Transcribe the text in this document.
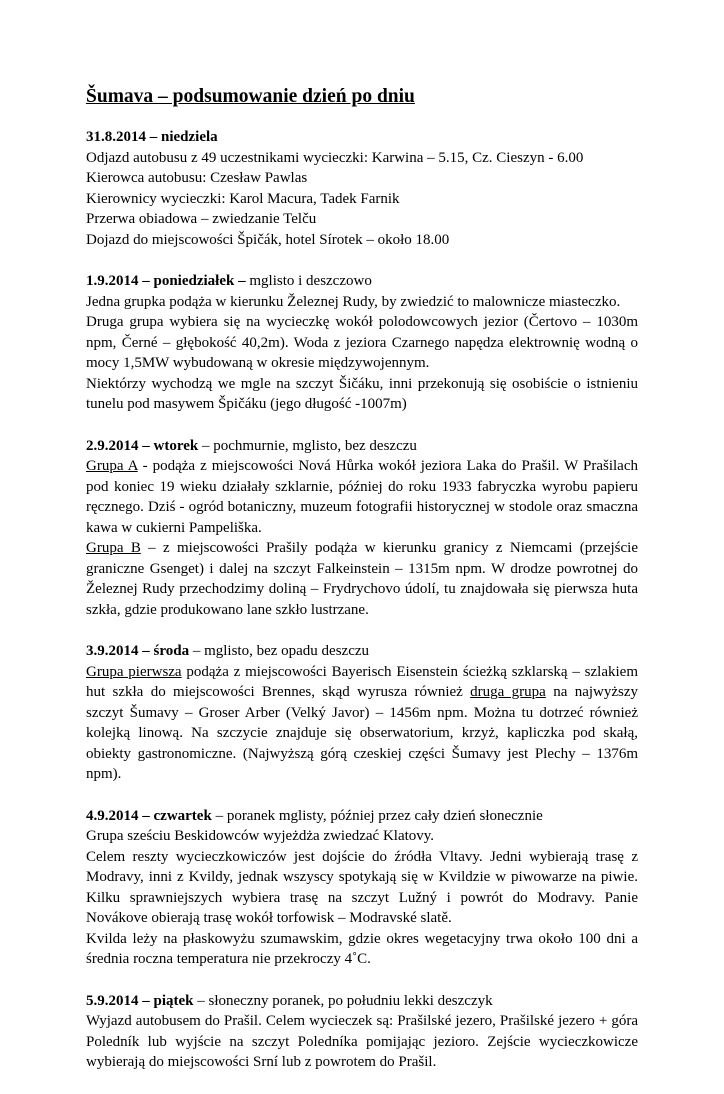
Šumava – podsumowanie dzień po dniu
31.8.2014 – niedziela
Odjazd autobusu z 49 uczestnikami wycieczki: Karwina – 5.15, Cz. Cieszyn - 6.00
Kierowca autobusu: Czesław Pawlas
Kierownicy wycieczki: Karol Macura, Tadek Farnik
Przerwa obiadowa – zwiedzanie Telču
Dojazd do miejscowości Špičák, hotel Sírotek – około 18.00
1.9.2014 – poniedziałek – mglisto i deszczowo
Jedna grupka podąża w kierunku Železnej Rudy, by zwiedzić to malownicze miasteczko.
Druga grupa wybiera się na wycieczkę wokół polodowcowych jezior (Čertovo – 1030m npm, Černé – głębokość 40,2m). Woda z jeziora Czarnego napędza elektrownię wodną o mocy 1,5MW wybudowaną w okresie międzywojennym.
Niektórzy wychodzą we mgle na szczyt Šičáku, inni przekonują się osobiście o istnieniu tunelu pod masywem Špičáku (jego długość -1007m)
2.9.2014 – wtorek – pochmurnie, mglisto, bez deszczu
Grupa A - podąża z miejscowości Nová Hůrka wokół jeziora Laka do Prašil. W Prašilach pod koniec 19 wieku działały szklarnie, później do roku 1933 fabryczka wyrobu papieru ręcznego. Dziś - ogród botaniczny, muzeum fotografii historycznej w stodole oraz smaczna kawa w cukierni Pampeliška.
Grupa B – z miejscowości Prašily podąża w kierunku granicy z Niemcami (przejście graniczne Gsenget) i dalej na szczyt Falkeinstein – 1315m npm. W drodze powrotnej do Železnej Rudy przechodzimy doliną – Frydrychovo údolí, tu znajdowała się pierwsza huta szkła, gdzie produkowano lane szkło lustrzane.
3.9.2014 – środa – mglisto, bez opadu deszczu
Grupa pierwsza podąża z miejscowości Bayerisch Eisenstein ścieżką szklarską – szlakiem hut szkła do miejscowości Brennes, skąd wyrusza również druga grupa na najwyższy szczyt Šumavy – Groser Arber (Velký Javor) – 1456m npm. Można tu dotrzeć również kolejką linową. Na szczycie znajduje się obserwatorium, krzyż, kapliczka pod skałą, obiekty gastronomiczne. (Najwyższą górą czeskiej części Šumavy jest Plechy – 1376m npm).
4.9.2014 – czwartek – poranek mglisty, później przez cały dzień słonecznie
Grupa sześciu Beskidowców wyjeżdża zwiedzać Klatovy.
Celem reszty wycieczkowiczów jest dojście do źródła Vltavy. Jedni wybierają trasę z Modravy, inni z Kvildy, jednak wszyscy spotykają się w Kvildzie w piwowarze na piwie. Kilku sprawniejszych wybiera trasę na szczyt Lužný i powrót do Modravy. Panie Novákove obierają trasę wokół torfowisk – Modravské slatě.
Kvilda leży na płaskowyżu szumawskim, gdzie okres wegetacyjny trwa około 100 dni a średnia roczna temperatura nie przekroczy 4˚C.
5.9.2014 – piątek – słoneczny poranek, po południu lekki deszczyk
Wyjazd autobusem do Prašil. Celem wycieczek są: Prašilské jezero, Prašilské jezero + góra Poledník lub wyjście na szczyt Poledníka pomijając jezioro. Zejście wycieczkowicze wybierają do miejscowości Srní lub z powrotem do Prašil.
